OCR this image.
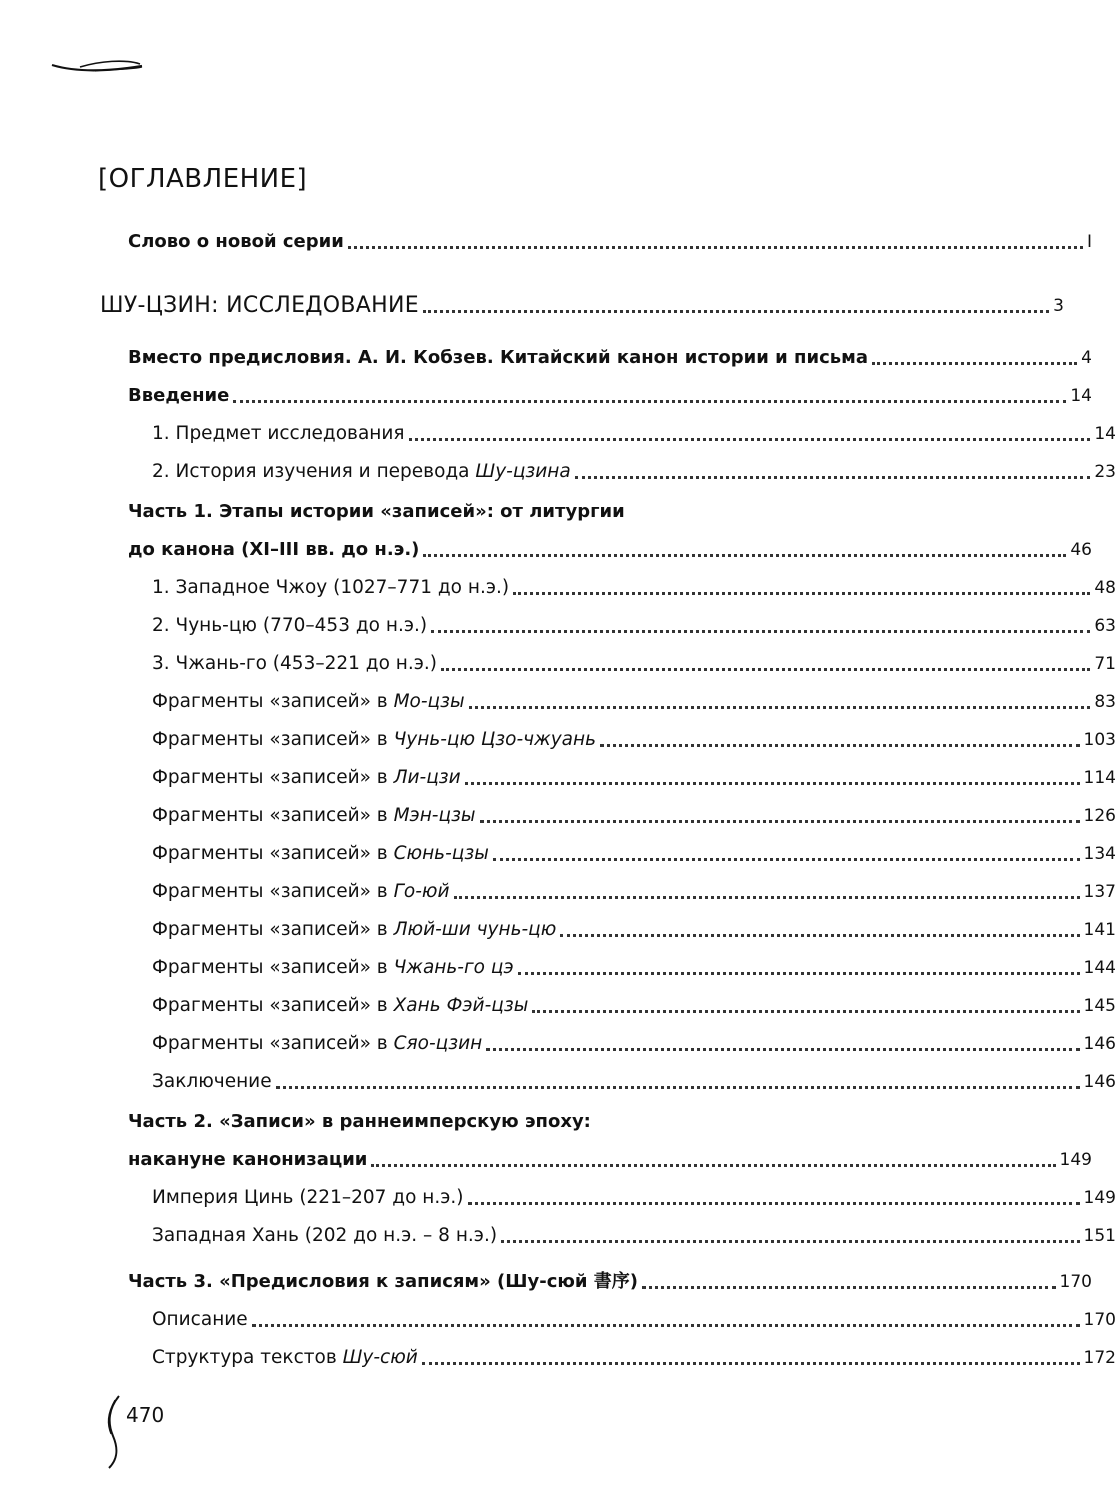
[ОГЛАВЛЕНИЕ]
Слово о новой серии	I
ШУ-ЦЗИН: ИССЛЕДОВАНИЕ	3
Вместо предисловия. А. И. Кобзев. Китайский канон истории и письма	4
Введение	14
1. Предмет исследования	14
2. История изучения и перевода Шу-цзина	23
Часть 1. Этапы истории «записей»: от литургии
до канона (XI–III вв. до н.э.)	46
1. Западное Чжоу (1027–771 до н.э.)	48
2. Чунь-цю (770–453 до н.э.)	63
3. Чжань-го (453–221 до н.э.)	71
Фрагменты «записей» в Мо-цзы	83
Фрагменты «записей» в Чунь-цю Цзо-чжуань	103
Фрагменты «записей» в Ли-цзи	114
Фрагменты «записей» в Мэн-цзы	126
Фрагменты «записей» в Сюнь-цзы	134
Фрагменты «записей» в Го-юй	137
Фрагменты «записей» в Люй-ши чунь-цю	141
Фрагменты «записей» в Чжань-го цэ	144
Фрагменты «записей» в Хань Фэй-цзы	145
Фрагменты «записей» в Сяо-цзин	146
Заключение	146
Часть 2. «Записи» в раннеимперскую эпоху:
накануне канонизации	149
Империя Цинь (221–207 до н.э.)	149
Западная Хань (202 до н.э. – 8 н.э.)	151
Часть 3. «Предисловия к записям» (Шу-сюй 書序)	170
Описание	170
Структура текстов Шу-сюй	172
470
